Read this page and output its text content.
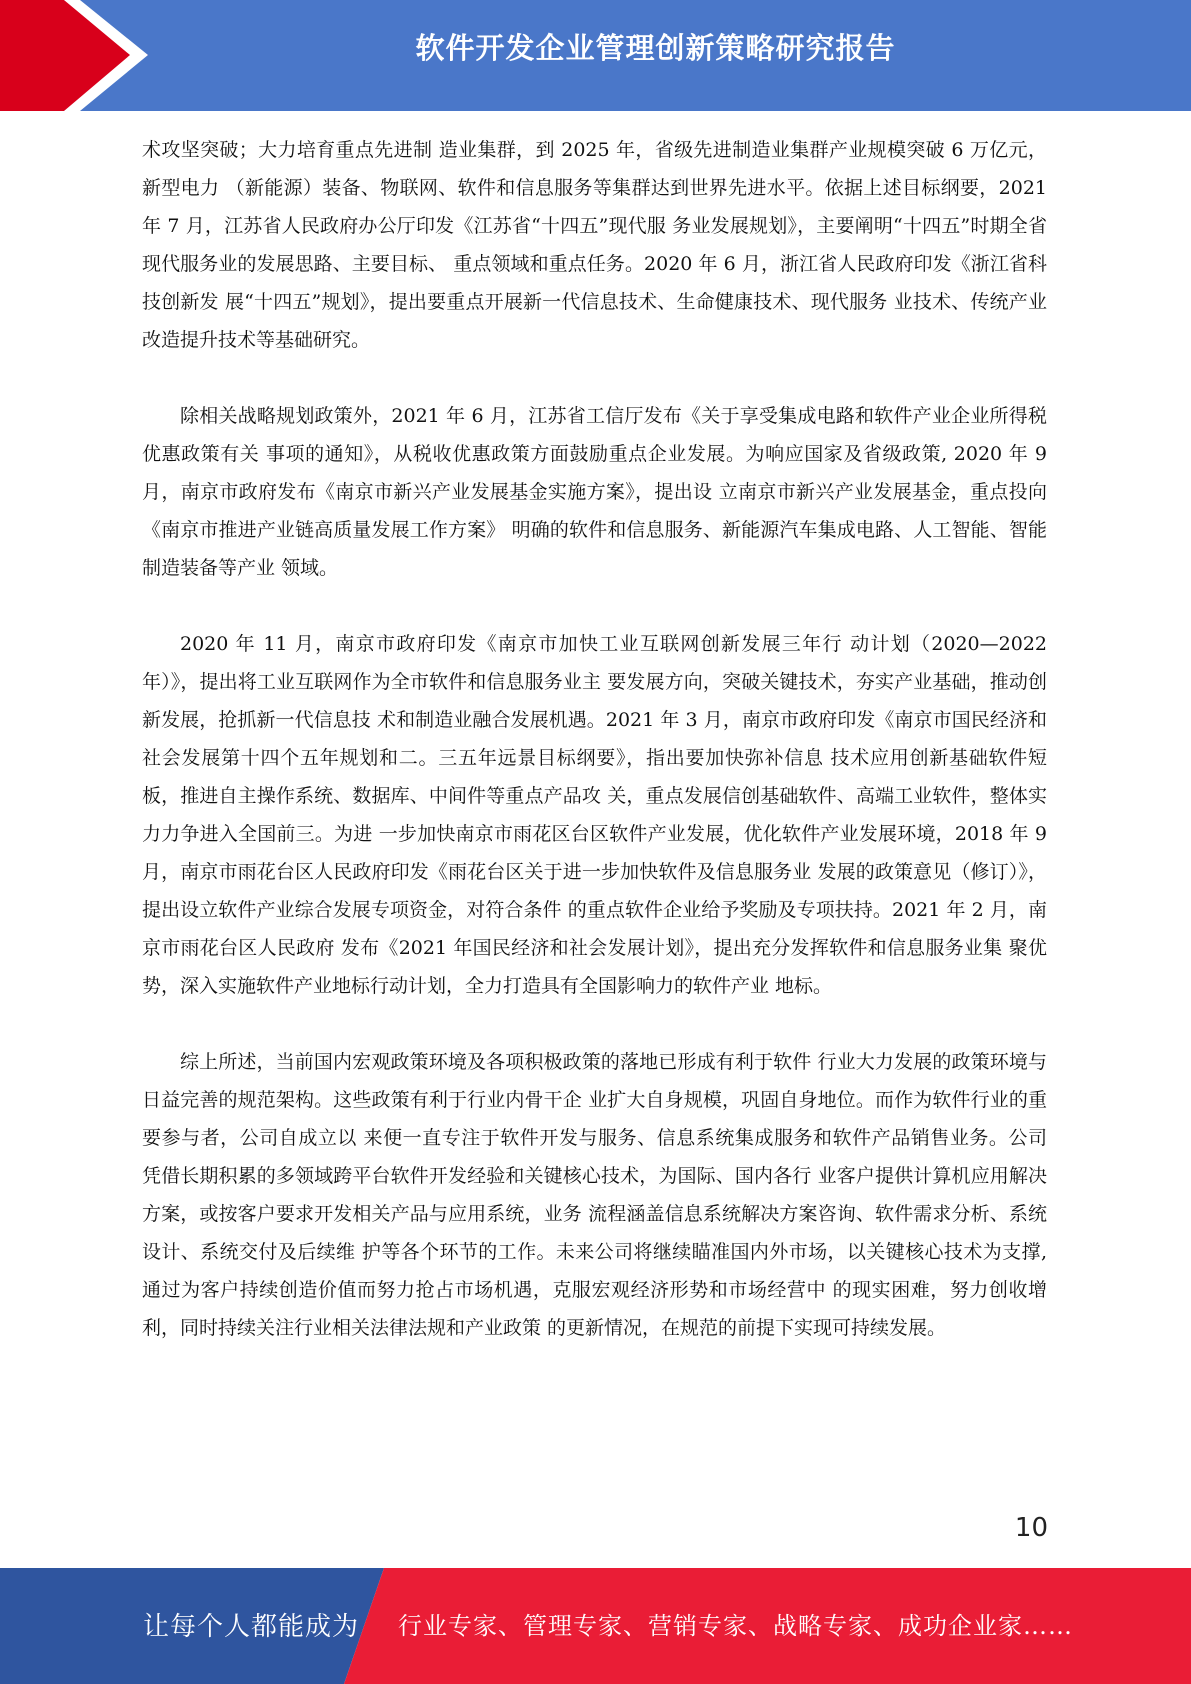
软件开发企业管理创新策略研究报告

术攻坚突破；大力培育重点先进制 造业集群，到 2025 年，省级先进制造业集群产业规模突破 6 万亿元，新型电力 （新能源）装备、物联网、软件和信息服务等集群达到世界先进水平。依据上述目标纲要，2021 年 7 月，江苏省人民政府办公厅印发《江苏省“十四五”现代服 务业发展规划》，主要阐明“十四五”时期全省现代服务业的发展思路、主要目标、 重点领域和重点任务。2020 年 6 月，浙江省人民政府印发《浙江省科技创新发 展“十四五”规划》，提出要重点开展新一代信息技术、生命健康技术、现代服务 业技术、传统产业改造提升技术等基础研究。

除相关战略规划政策外，2021 年 6 月，江苏省工信厅发布《关于享受集成电路和软件产业企业所得税优惠政策有关 事项的通知》，从税收优惠政策方面鼓励重点企业发展。为响应国家及省级政策, 2020 年 9 月，南京市政府发布《南京市新兴产业发展基金实施方案》，提出设 立南京市新兴产业发展基金，重点投向《南京市推进产业链高质量发展工作方案》 明确的软件和信息服务、新能源汽车集成电路、人工智能、智能制造装备等产业 领域。

2020 年 11 月，南京市政府印发《南京市加快工业互联网创新发展三年行 动计划（2020—2022 年）》，提出将工业互联网作为全市软件和信息服务业主 要发展方向，突破关键技术，夯实产业基础，推动创新发展，抢抓新一代信息技 术和制造业融合发展机遇。2021 年 3 月，南京市政府印发《南京市国民经济和 社会发展第十四个五年规划和二。三五年远景目标纲要》，指出要加快弥补信息 技术应用创新基础软件短板，推进自主操作系统、数据库、中间件等重点产品攻 关，重点发展信创基础软件、高端工业软件，整体实力力争进入全国前三。为进 一步加快南京市雨花区台区软件产业发展，优化软件产业发展环境，2018 年 9 月，南京市雨花台区人民政府印发《雨花台区关于进一步加快软件及信息服务业 发展的政策意见（修订）》，提出设立软件产业综合发展专项资金，对符合条件 的重点软件企业给予奖励及专项扶持。2021 年 2 月，南京市雨花台区人民政府 发布《2021 年国民经济和社会发展计划》，提出充分发挥软件和信息服务业集 聚优势，深入实施软件产业地标行动计划，全力打造具有全国影响力的软件产业 地标。

综上所述，当前国内宏观政策环境及各项积极政策的落地已形成有利于软件 行业大力发展的政策环境与日益完善的规范架构。这些政策有利于行业内骨干企 业扩大自身规模，巩固自身地位。而作为软件行业的重要参与者，公司自成立以 来便一直专注于软件开发与服务、信息系统集成服务和软件产品销售业务。公司 凭借长期积累的多领域跨平台软件开发经验和关键核心技术，为国际、国内各行 业客户提供计算机应用解决方案，或按客户要求开发相关产品与应用系统，业务 流程涵盖信息系统解决方案咨询、软件需求分析、系统设计、系统交付及后续维 护等各个环节的工作。未来公司将继续瞄准国内外市场，以关键核心技术为支撑, 通过为客户持续创造价值而努力抢占市场机遇，克服宏观经济形势和市场经营中 的现实困难，努力创收增利，同时持续关注行业相关法律法规和产业政策 的更新情况，在规范的前提下实现可持续发展。

10
让每个人都能成为 行业专家、管理专家、营销专家、战略专家、成功企业家……
